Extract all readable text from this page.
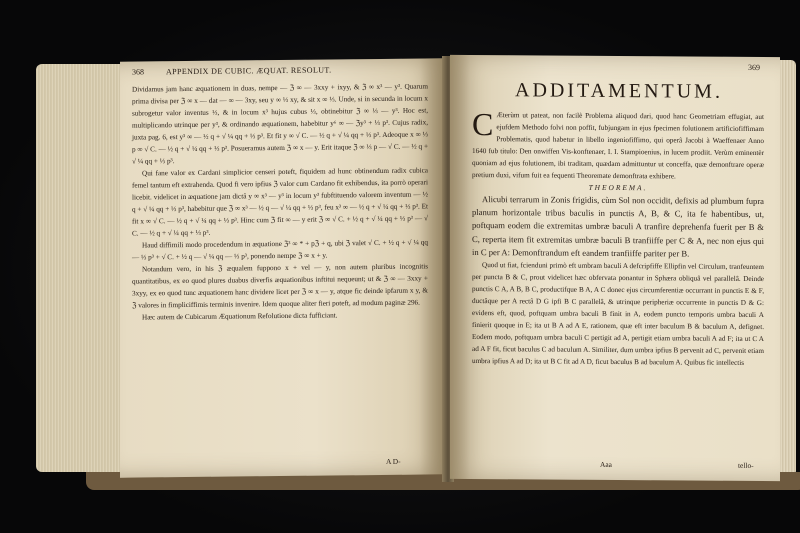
368	APPENDIX DE CUBIC. ÆQUAT. RESOLUT.

Dividamus jam hanc æquationem in duas, nempe — ℨ ∞ — 3xxy + ixyy, & ℨ ∞ x³ — y³. Quarum prima divisa per ℨ ∞ x — dat — ∞ — 3xy, seu y ∞ ⅓ xy, & sit x ∞ ⅓. Unde, si in secunda in locum x subrogetur valor inventus ⅓, & in locum x³ hujus cubus ⅓, obtinebitur ℨ ∞ ⅓ — y³. Hoc est, multiplicando utrinque per y³, & ordinando æquationem, habebitur y⁶ ∞ — ℨy³ + ⅓ p³. Cujus radix, juxta pag. 6, est y³ ∞ — ½ q + √ ¼ qq + ⅓ p³. Et fit y ∞ √ C. — ½ q + √ ¼ qq + ⅓ p³. Adeoque x ∞ ⅓ p ∞ √ C. — ½ q + √ ¼ qq + ⅓ p³. Posueramus autem ℨ ∞ x — y. Erit itaque ℨ ∞ ⅓ p — √ C. — ½ q + √ ¼ qq + ⅓ p³.

Qui fane valor ex Cardani simplicior censeri poteft, fiquidem ad hunc obtinendum radix cubica femel tantum eft extrahenda. Quod fi vero ipfius ℨ valor cum Cardano fit exhibendus, ita porrò operari licebit. videlicet in æquatione jam dictâ y ∞ x³ — y³ in locum y³ fubftituendo valorem inventum — ½ q + √ ¼ qq + ⅓ p³, habebitur que ℨ ∞ x³ — ½ q — √ ¼ qq + ⅓ p³, feu x³ ∞ — ½ q + √ ¼ qq + ⅓ p³. Et fit x ∞ √ C. — ½ q + √ ¼ qq + ⅓ p³. Hinc cum ℨ fit ∞ — y erit ℨ ∞ √ C. + ½ q + √ ¼ qq + ⅓ p³ — √ C. — ½ q + √ ¼ qq + ⅓ p³.

Haud diffimili modo procedendum in æquatione ℨ³ ∞ * + pℨ + q, ubi ℨ valet √ C. + ½ q + √ ¼ qq — ⅓ p³ + √ C. + ½ q — √ ¼ qq — ⅓ p³, ponendo nempe ℨ ∞ x + y.

Notandum vero, in his ℨ æqualem fuppono x + vel — y, non autem pluribus incognitis quantitatibus, ex eo quod plures duabus diverfis æquationibus inftitui nequeunt; ut & ℨ ∞ — 3xxy + 3xyy, ex eo quod tunc æquationem hanc dividere licet per ℨ ∞ x — y, atque fic deinde ipfarum x y, & ℨ valores in fimpliciffimis terminis invenire. Idem quoque aliter fieri poteft, ad modum paginæ 296.

Hæc autem de Cubicarum Æquationum Refolutione dicta fufficiant.

A D-
369
ADDITAMENTUM.

C Æterùm ut pateat, non facilè Problema aliquod dari, quod hanc Geometriam effugiat, aut ejufdem Methodo folvi non poffit, fubjungam in ejus fpecimen folutionem artificiofiffimam Problematis, quod habetur in libello ingeniofiffimo, qui operâ Jacobi à Waeffenaer Anno 1640 fub titulo: Den onwiffen Vis-konftenaer, I. I. Stampioenius, in lucem prodiit. Verùm eminentèr quoniam ad ejus folutionem, ibi traditam, quædam admittuntur ut conceffa, quæ demonftrare operæ pretium duxi, vifum fuit ea fequenti Theoremate demonftrata exhibere.

THEOREMA.

Alicubi terrarum in Zonis frigidis, cùm Sol non occidit, defixis ad plumbum fupra planum horizontale tribus baculis in punctis A, B, & C, ita fe habentibus, ut, poftquam eodem die extremitas umbræ baculi A tranfire deprehenfa fuerit per B & C, reperta item fit extremitas umbræ baculi B tranfiiffe per C & A, nec non ejus qui in C per A: Demonftrandum eft eandem tranfiiffe pariter per B.

Quod ut fiat, fcienduni primò eft umbram baculi A defcripfiffe Ellipfin vel Circulum, tranfeuntem per puncta B & C, prout videlicet hæc obfervata ponantur in Sphæra obliquâ vel parallelâ. Deinde punctis C A, A B, B C, productifque B A, A C donec ejus circumferentiæ occurrant in punctis E & F, ductâque per A rectâ D G ipfi B C parallelâ, & utrinque peripheriæ occurrente in punctis D & G: evidens eft, quod, poftquam umbra baculi B finit in A, eodem puncto temporis umbra baculi A finierit quoque in E; ita ut B A ad A E, rationem, quæ eft inter baculum B & baculum A, defignet. Eodem modo, poftquam umbra baculi C pertigit ad A, pertigit etiam umbra baculi A ad F; ita ut C A ad A F fit, ficut baculus C ad baculum A. Similiter, dum umbra ipfius B pervenit ad C, pervenit etiam umbra ipfius A ad D; ita ut B C fit ad A D, ficut baculus B ad baculum A. Quibus fic intellectis

Aaa	tello-
